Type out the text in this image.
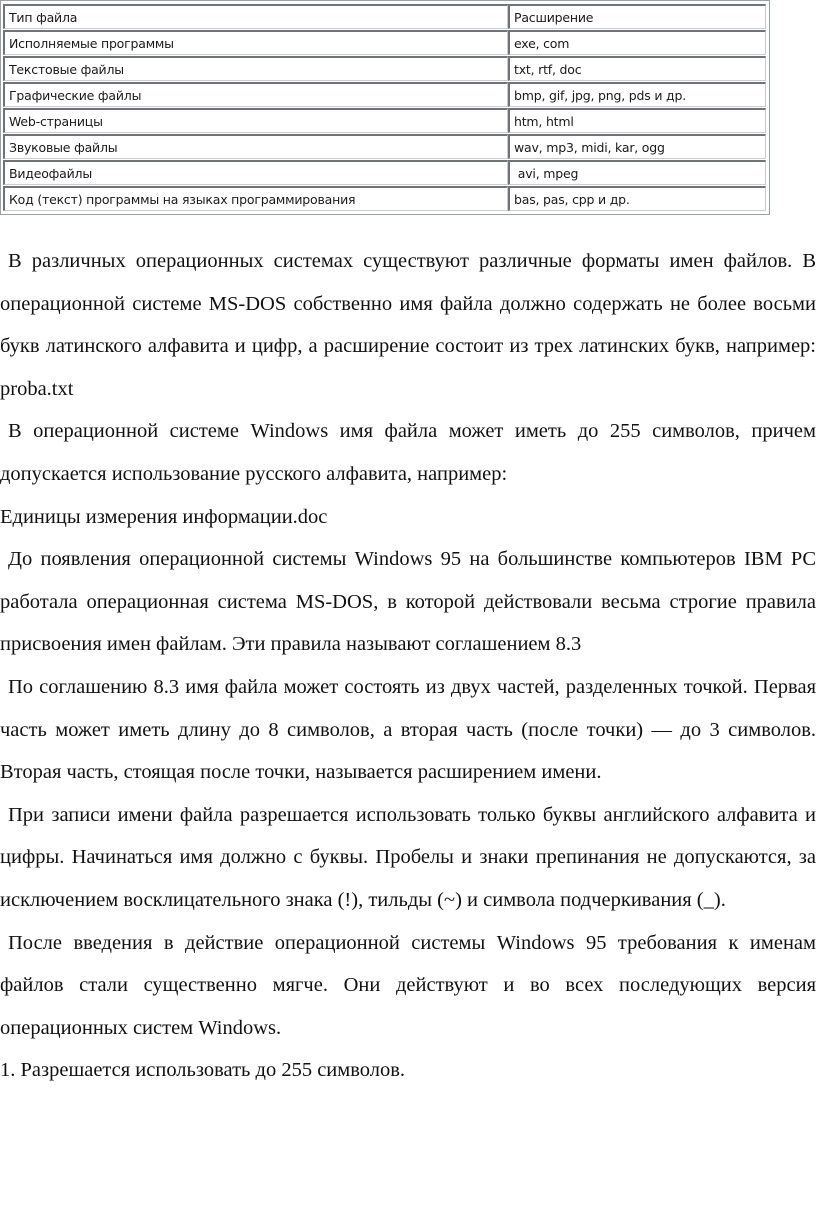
Тип файла	Расширение
Исполняемые программы	exe, com
Текстовые файлы	txt, rtf, doc
Графические файлы	bmp, gif, jpg, png, pds и др.
Web-страницы	htm, html
Звуковые файлы	wav, mp3, midi, kar, ogg
Видеофайлы	avi, mpeg
Код (текст) программы на языках программирования	bas, pas, cpp и др.

В различных операционных системах существуют различные форматы имен файлов. В операционной системе MS-DOS собственно имя файла должно содержать не более восьми букв латинского алфавита и цифр, а расширение состоит из трех латинских букв, например: proba.txt

В операционной системе Windows имя файла может иметь до 255 символов, причем допускается использование русского алфавита, например:

Единицы измерения информации.doc

До появления операционной системы Windows 95 на большинстве компьютеров IBM PC работала операционная система MS-DOS, в которой действовали весьма строгие правила присвоения имен файлам. Эти правила называют соглашением 8.3

По соглашению 8.3 имя файла может состоять из двух частей, разделенных точкой. Первая часть может иметь длину до 8 символов, а вторая часть (после точки) — до 3 символов. Вторая часть, стоящая после точки, называется расширением имени.

При записи имени файла разрешается использовать только буквы английского алфавита и цифры. Начинаться имя должно с буквы. Пробелы и знаки препинания не допускаются, за исключением восклицательного знака (!), тильды (~) и символа подчеркивания (_).

После введения в действие операционной системы Windows 95 требования к именам файлов стали существенно мягче. Они действуют и во всех последующих версия операционных систем Windows.

1. Разрешается использовать до 255 символов.
